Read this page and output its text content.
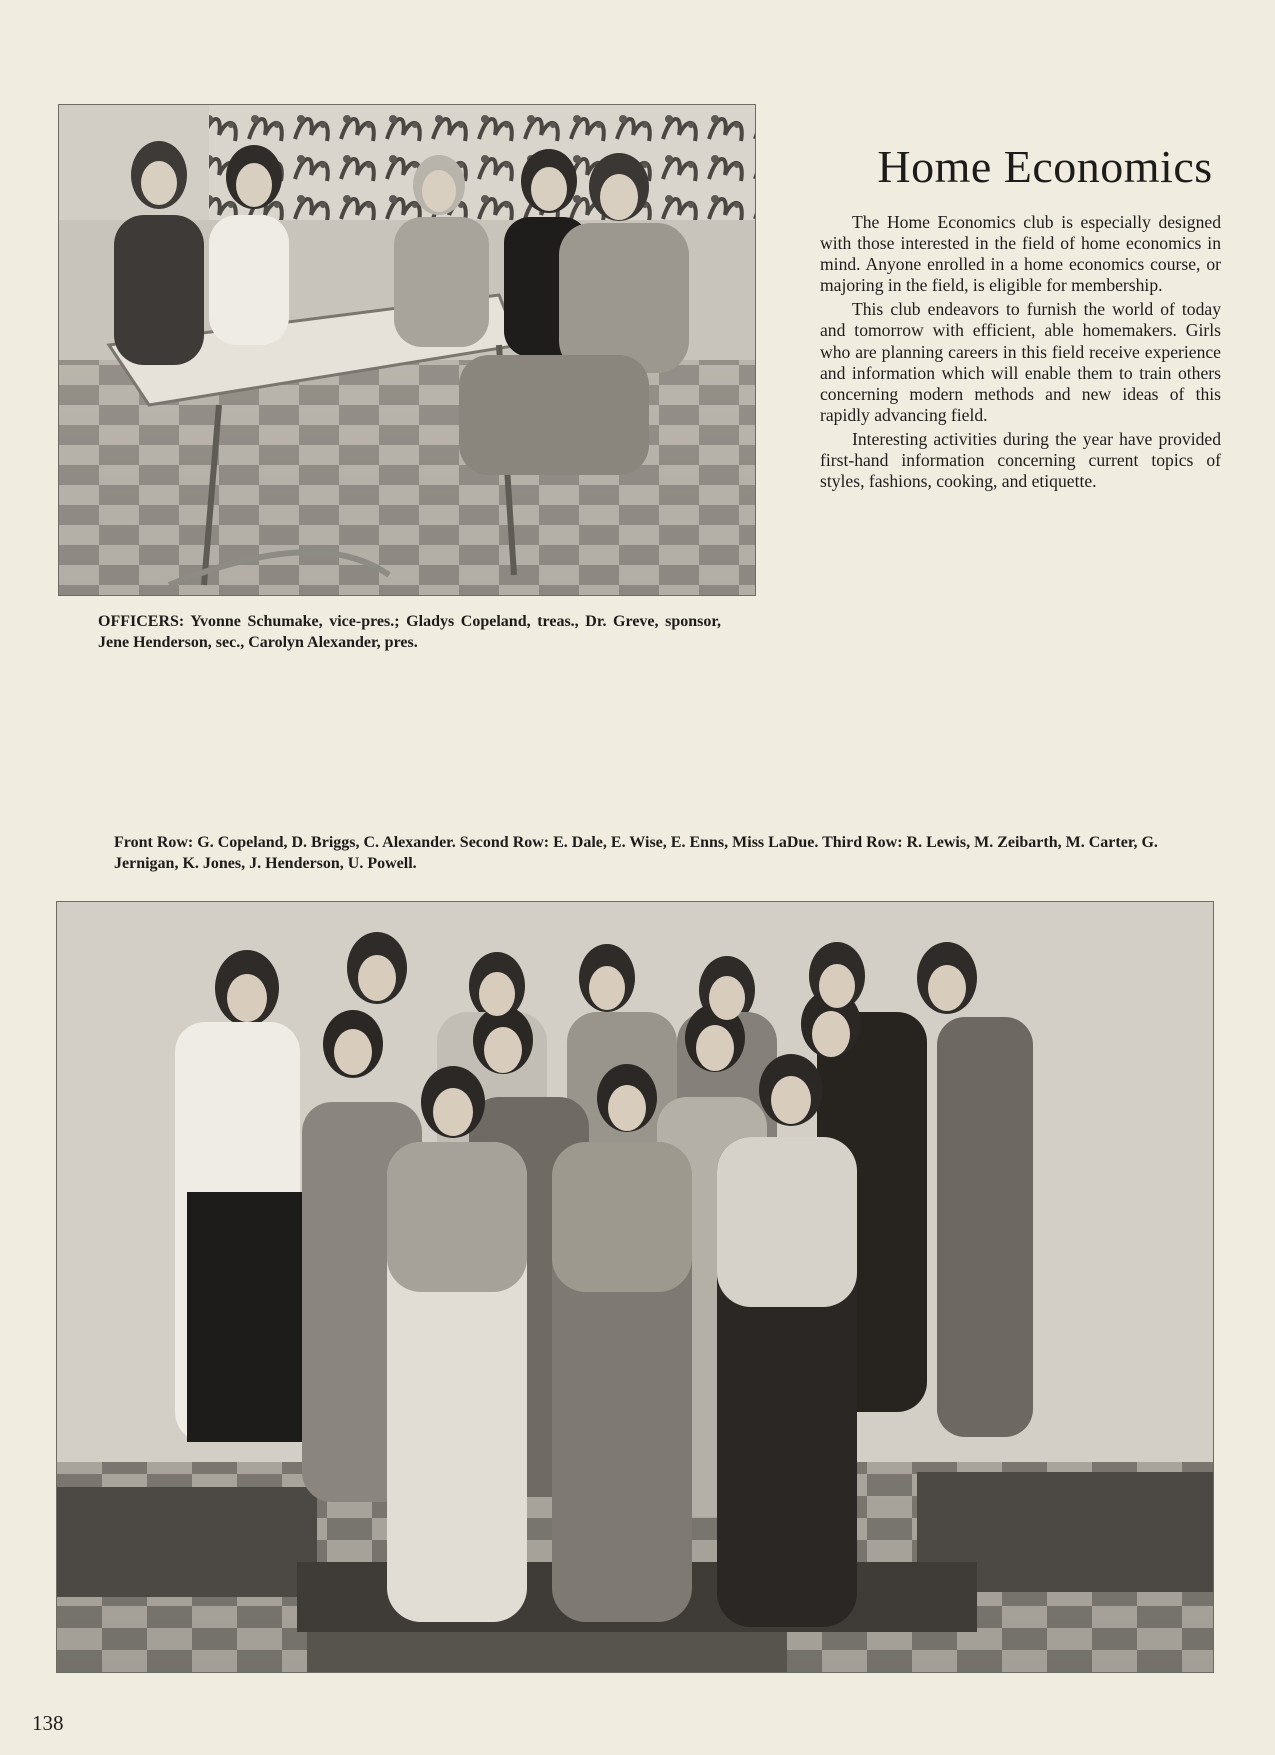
Home Economics

The Home Economics club is especially designed with those interested in the field of home economics in mind. Anyone enrolled in a home economics course, or majoring in the field, is eligible for membership.

This club endeavors to furnish the world of today and tomorrow with efficient, able homemakers. Girls who are planning careers in this field receive experience and information which will enable them to train others concerning modern methods and new ideas of this rapidly advancing field.

Interesting activities during the year have provided first-hand information concerning current topics of styles, fashions, cooking, and etiquette.

OFFICERS: Yvonne Schumake, vice-pres.; Gladys Copeland, treas., Dr. Greve, sponsor, Jene Henderson, sec., Carolyn Alexander, pres.

Front Row: G. Copeland, D. Briggs, C. Alexander. Second Row: E. Dale, E. Wise, E. Enns, Miss LaDue. Third Row: R. Lewis, M. Zeibarth, M. Carter, G. Jernigan, K. Jones, J. Henderson, U. Powell.

138
